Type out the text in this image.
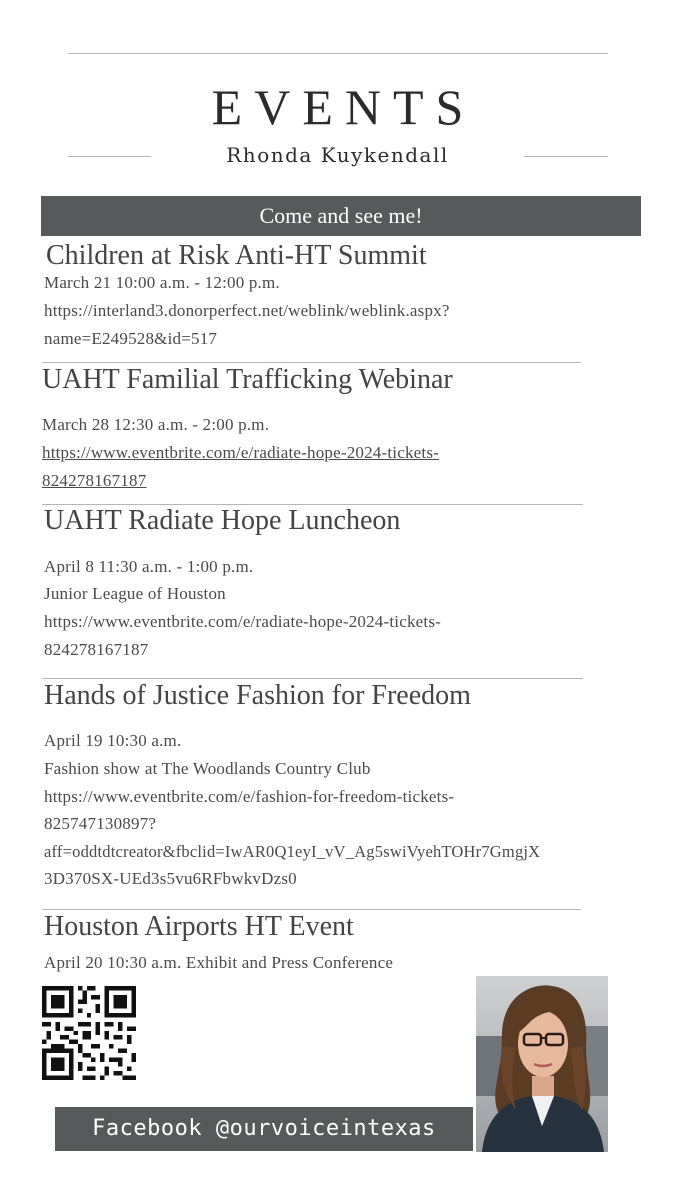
EVENTS
Rhonda Kuykendall
Come and see me!
Children at Risk Anti-HT Summit
March 21 10:00 a.m. - 12:00 p.m.
https://interland3.donorperfect.net/weblink/weblink.aspx?
name=E249528&id=517
UAHT Familial Trafficking Webinar
March 28 12:30 a.m. - 2:00 p.m.
https://www.eventbrite.com/e/radiate-hope-2024-tickets-
824278167187
UAHT Radiate Hope Luncheon
April 8 11:30 a.m. - 1:00 p.m.
Junior League of Houston
https://www.eventbrite.com/e/radiate-hope-2024-tickets-
824278167187
Hands of Justice Fashion for Freedom
April 19 10:30 a.m.
Fashion show at The Woodlands Country Club
https://www.eventbrite.com/e/fashion-for-freedom-tickets-
825747130897?
aff=oddtdtcreator&fbclid=IwAR0Q1eyI_vV_Ag5swiVyehTOHr7GmgjX
3D370SX-UEd3s5vu6RFbwkvDzs0
Houston Airports HT Event
April 20 10:30 a.m. Exhibit and Press Conference
Facebook @ourvoiceintexas
